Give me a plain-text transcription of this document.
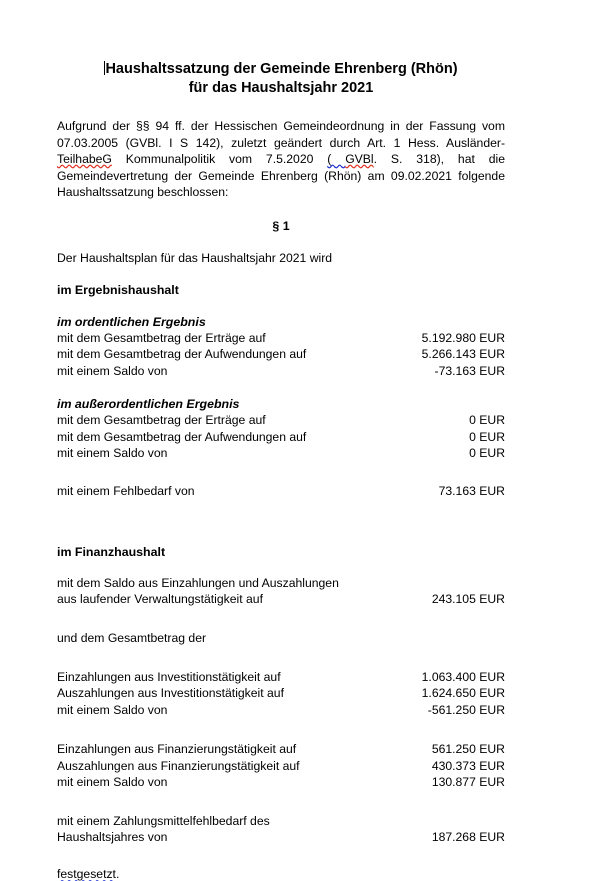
Haushaltssatzung der Gemeinde Ehrenberg (Rhön)
für das Haushaltsjahr 2021

Aufgrund der §§ 94 ff. der Hessischen Gemeindeordnung in der Fassung vom 07.03.2005 (GVBl. I S 142), zuletzt geändert durch Art. 1 Hess. Ausländer-TeilhabeG Kommunalpolitik vom 7.5.2020 ( GVBl. S. 318), hat die Gemeindevertretung der Gemeinde Ehrenberg (Rhön) am 09.02.2021 folgende Haushaltssatzung beschlossen:

§ 1
Der Haushaltsplan für das Haushaltsjahr 2021 wird
im Ergebnishaushalt
im ordentlichen Ergebnis
mit dem Gesamtbetrag der Erträge auf	5.192.980 EUR
mit dem Gesamtbetrag der Aufwendungen auf	5.266.143 EUR
mit einem Saldo von	-73.163 EUR
im außerordentlichen Ergebnis
mit dem Gesamtbetrag der Erträge auf	0 EUR
mit dem Gesamtbetrag der Aufwendungen auf	0 EUR
mit einem Saldo von	0 EUR
mit einem Fehlbedarf von	73.163 EUR
im Finanzhaushalt
mit dem Saldo aus Einzahlungen und Auszahlungen
aus laufender Verwaltungstätigkeit auf	243.105 EUR
und dem Gesamtbetrag der
Einzahlungen aus Investitionstätigkeit auf	1.063.400 EUR
Auszahlungen aus Investitionstätigkeit auf	1.624.650 EUR
mit einem Saldo von	-561.250 EUR
Einzahlungen aus Finanzierungstätigkeit auf	561.250 EUR
Auszahlungen aus Finanzierungstätigkeit auf	430.373 EUR
mit einem Saldo von	130.877 EUR
mit einem Zahlungsmittelfehlbedarf des
Haushaltsjahres von	187.268 EUR
festgesetzt.
